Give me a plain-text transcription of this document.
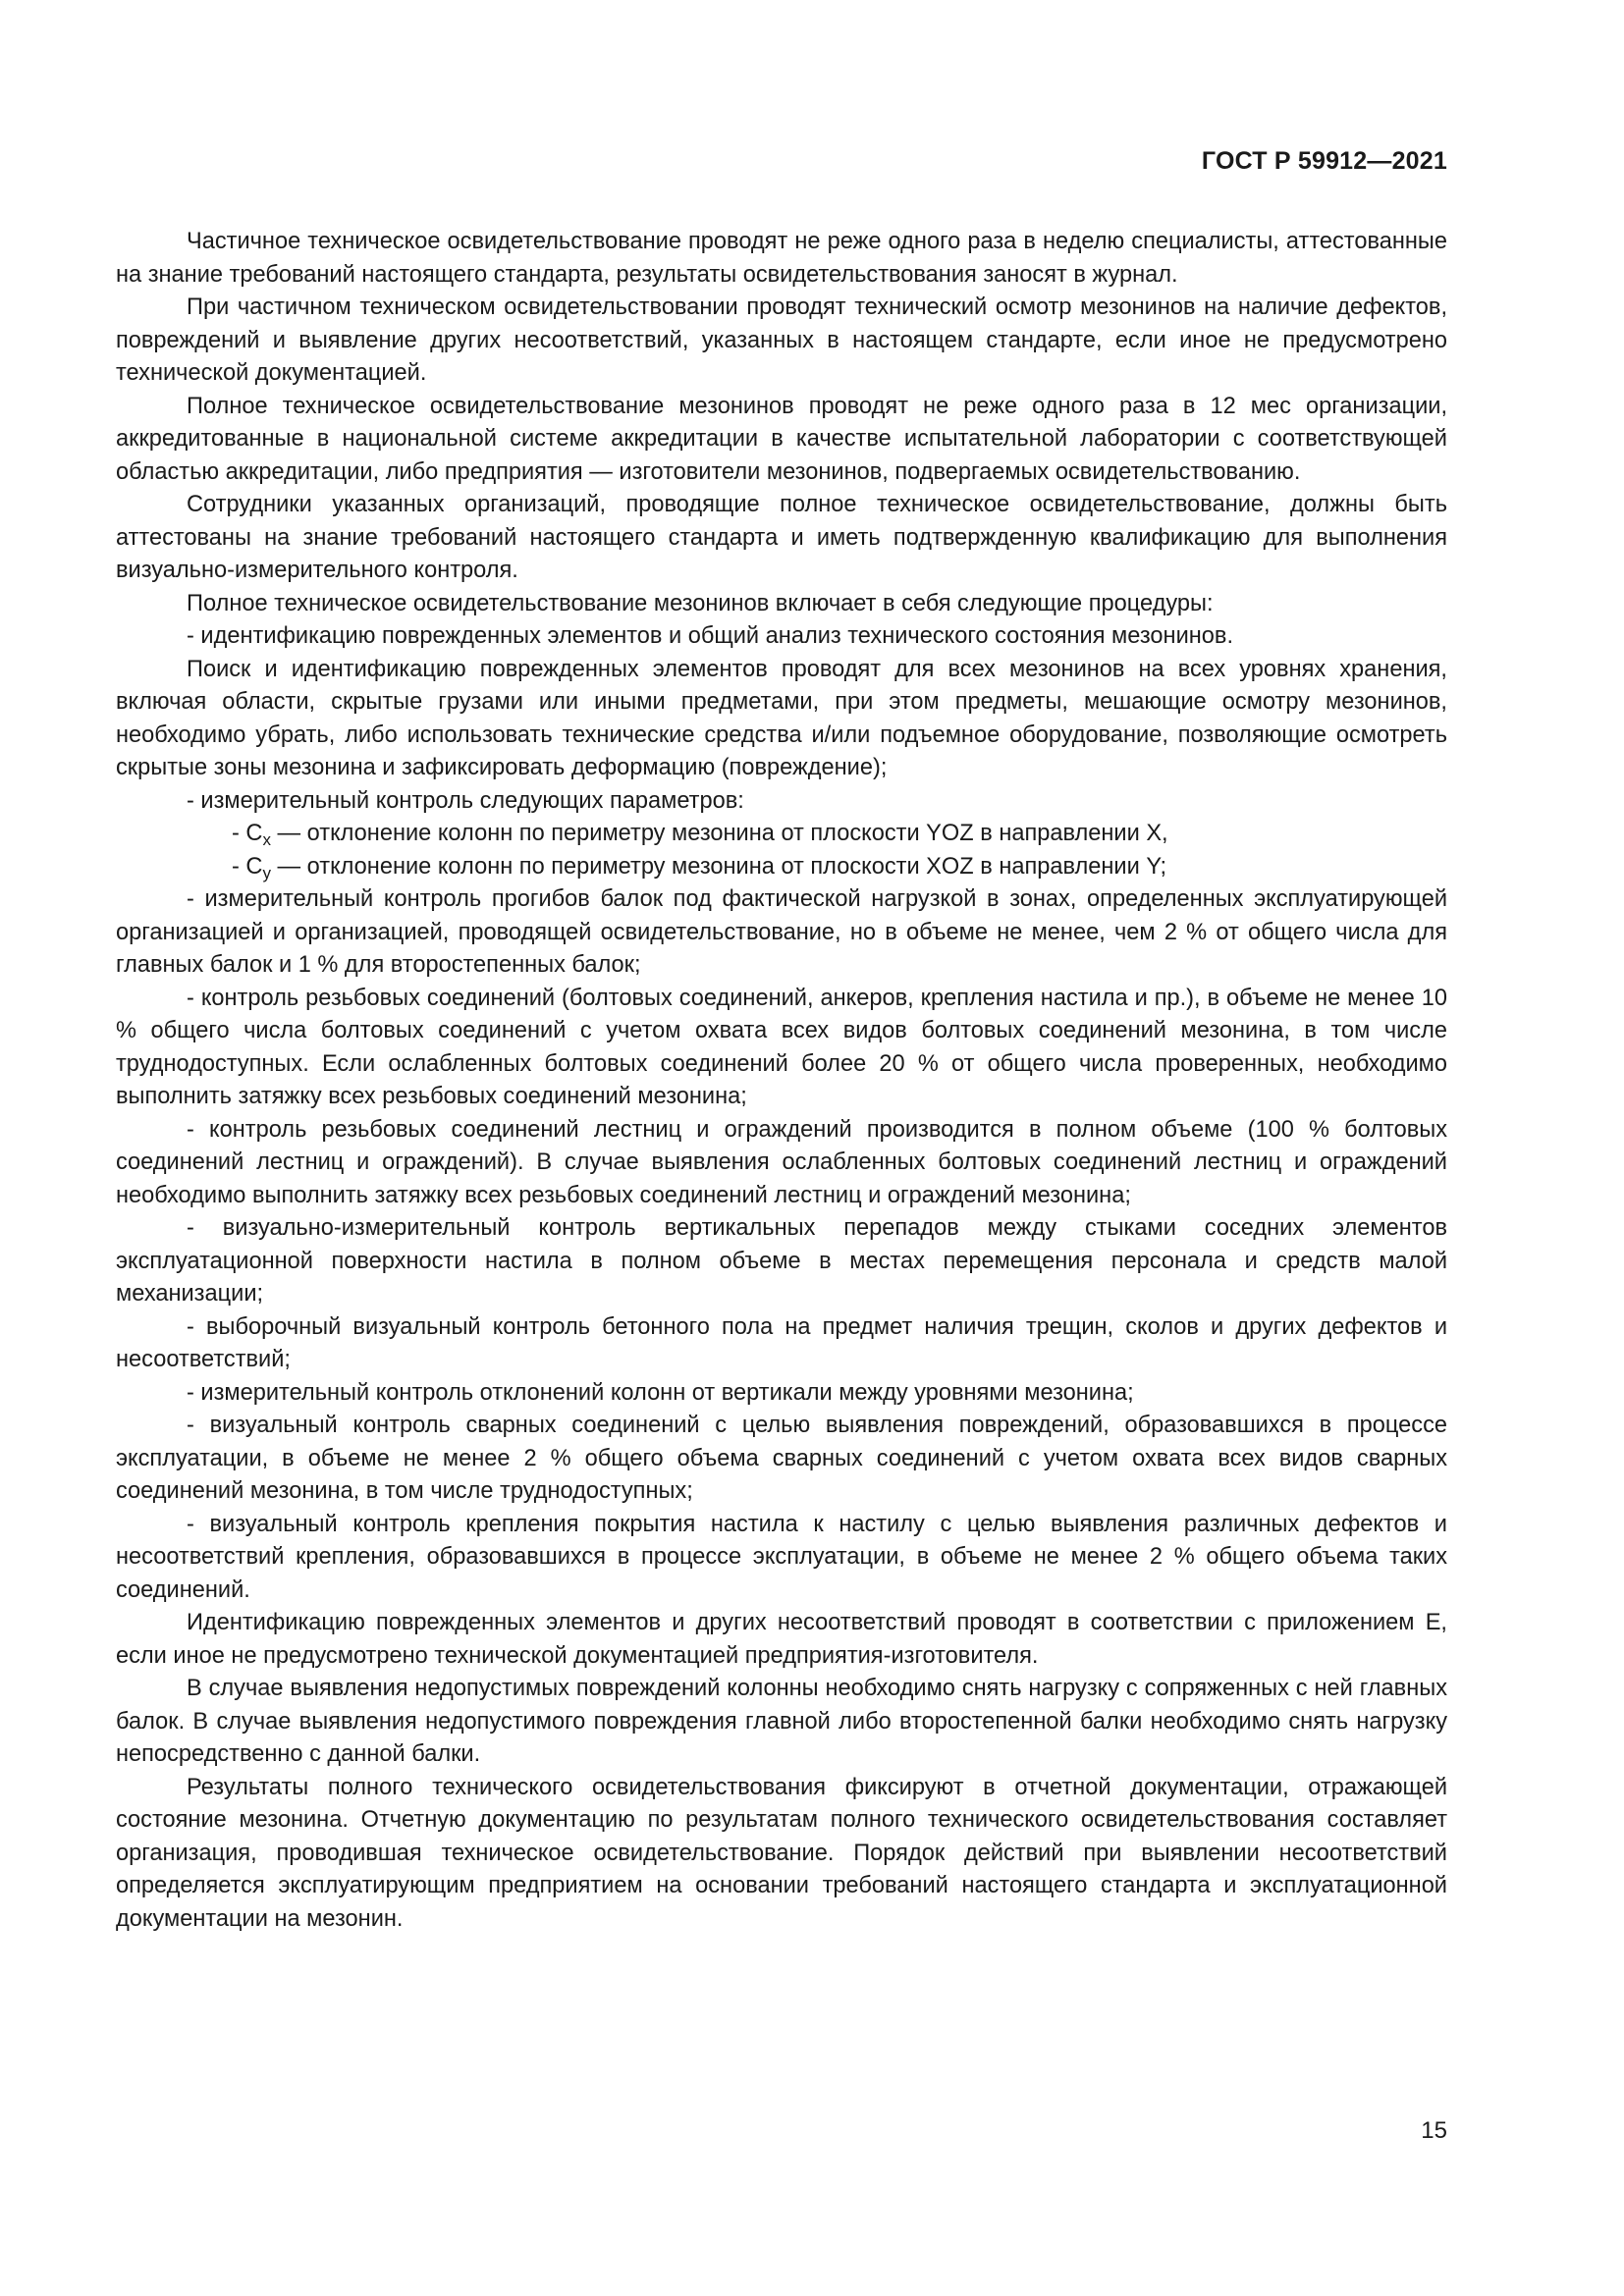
ГОСТ Р 59912—2021

Частичное техническое освидетельствование проводят не реже одного раза в неделю специалисты, аттестованные на знание требований настоящего стандарта, результаты освидетельствования заносят в журнал.

При частичном техническом освидетельствовании проводят технический осмотр мезонинов на наличие дефектов, повреждений и выявление других несоответствий, указанных в настоящем стандарте, если иное не предусмотрено технической документацией.

Полное техническое освидетельствование мезонинов проводят не реже одного раза в 12 мес организации, аккредитованные в национальной системе аккредитации в качестве испытательной лаборатории с соответствующей областью аккредитации, либо предприятия — изготовители мезонинов, подвергаемых освидетельствованию.

Сотрудники указанных организаций, проводящие полное техническое освидетельствование, должны быть аттестованы на знание требований настоящего стандарта и иметь подтвержденную квалификацию для выполнения визуально-измерительного контроля.

Полное техническое освидетельствование мезонинов включает в себя следующие процедуры:

- идентификацию поврежденных элементов и общий анализ технического состояния мезонинов.

Поиск и идентификацию поврежденных элементов проводят для всех мезонинов на всех уровнях хранения, включая области, скрытые грузами или иными предметами, при этом предметы, мешающие осмотру мезонинов, необходимо убрать, либо использовать технические средства и/или подъемное оборудование, позволяющие осмотреть скрытые зоны мезонина и зафиксировать деформацию (повреждение);

- измерительный контроль следующих параметров:

- $C_x$ — отклонение колонн по периметру мезонина от плоскости YOZ в направлении X,

- $C_y$ — отклонение колонн по периметру мезонина от плоскости XOZ в направлении Y;

- измерительный контроль прогибов балок под фактической нагрузкой в зонах, определенных эксплуатирующей организацией и организацией, проводящей освидетельствование, но в объеме не менее, чем 2 % от общего числа для главных балок и 1 % для второстепенных балок;

- контроль резьбовых соединений (болтовых соединений, анкеров, крепления настила и пр.), в объеме не менее 10 % общего числа болтовых соединений с учетом охвата всех видов болтовых соединений мезонина, в том числе труднодоступных. Если ослабленных болтовых соединений более 20 % от общего числа проверенных, необходимо выполнить затяжку всех резьбовых соединений мезонина;

- контроль резьбовых соединений лестниц и ограждений производится в полном объеме (100 % болтовых соединений лестниц и ограждений). В случае выявления ослабленных болтовых соединений лестниц и ограждений необходимо выполнить затяжку всех резьбовых соединений лестниц и ограждений мезонина;

- визуально-измерительный контроль вертикальных перепадов между стыками соседних элементов эксплуатационной поверхности настила в полном объеме в местах перемещения персонала и средств малой механизации;

- выборочный визуальный контроль бетонного пола на предмет наличия трещин, сколов и других дефектов и несоответствий;

- измерительный контроль отклонений колонн от вертикали между уровнями мезонина;

- визуальный контроль сварных соединений с целью выявления повреждений, образовавшихся в процессе эксплуатации, в объеме не менее 2 % общего объема сварных соединений с учетом охвата всех видов сварных соединений мезонина, в том числе труднодоступных;

- визуальный контроль крепления покрытия настила к настилу с целью выявления различных дефектов и несоответствий крепления, образовавшихся в процессе эксплуатации, в объеме не менее 2 % общего объема таких соединений.

Идентификацию поврежденных элементов и других несоответствий проводят в соответствии с приложением Е, если иное не предусмотрено технической документацией предприятия-изготовителя.

В случае выявления недопустимых повреждений колонны необходимо снять нагрузку с сопряженных с ней главных балок. В случае выявления недопустимого повреждения главной либо второстепенной балки необходимо снять нагрузку непосредственно с данной балки.

Результаты полного технического освидетельствования фиксируют в отчетной документации, отражающей состояние мезонина. Отчетную документацию по результатам полного технического освидетельствования составляет организация, проводившая техническое освидетельствование. Порядок действий при выявлении несоответствий определяется эксплуатирующим предприятием на основании требований настоящего стандарта и эксплуатационной документации на мезонин.

15
